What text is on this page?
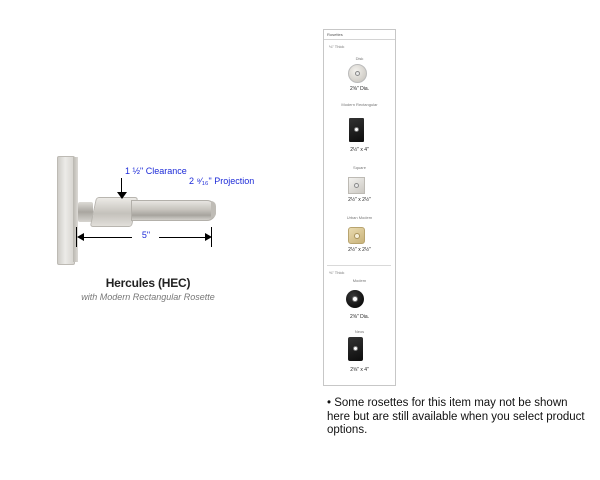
1 ½" Clearance
2 ⁹⁄₁₆" Projection
5"
Hercules (HEC)
with Modern Rectangular Rosette
Rosettes
⅛" Thick
Disk
2⅝" Dia.
Modern Rectangular
2½" x 4"
Square
2½" x 2½"
Urban Modern
2½" x 2½"
⅜" Thick
Modern
2⅝" Dia.
Neos
2⅝" x 4"
• Some rosettes for this item may not be shown here but are still available when you select product options.
